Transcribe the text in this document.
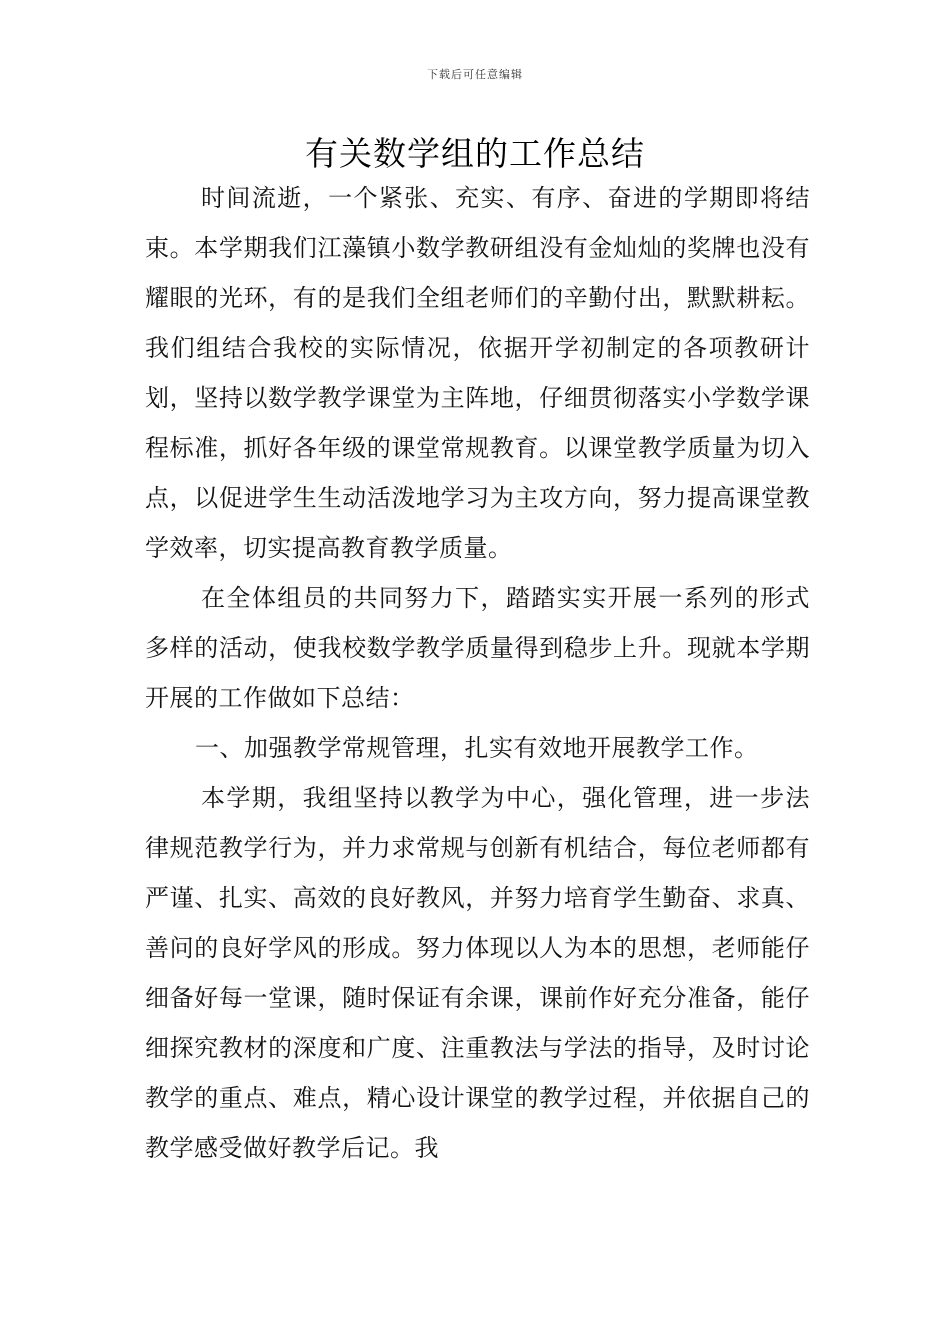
下载后可任意编辑
有关数学组的工作总结

时间流逝，一个紧张、充实、有序、奋进的学期即将结束。本学期我们江藻镇小数学教研组没有金灿灿的奖牌也没有耀眼的光环，有的是我们全组老师们的辛勤付出，默默耕耘。我们组结合我校的实际情况，依据开学初制定的各项教研计划，坚持以数学教学课堂为主阵地，仔细贯彻落实小学数学课程标准，抓好各年级的课堂常规教育。以课堂教学质量为切入点，以促进学生生动活泼地学习为主攻方向，努力提高课堂教学效率，切实提高教育教学质量。

在全体组员的共同努力下，踏踏实实开展一系列的形式多样的活动，使我校数学教学质量得到稳步上升。现就本学期开展的工作做如下总结：

一、加强教学常规管理，扎实有效地开展教学工作。

本学期，我组坚持以教学为中心，强化管理，进一步法律规范教学行为，并力求常规与创新有机结合，每位老师都有严谨、扎实、高效的良好教风，并努力培育学生勤奋、求真、善问的良好学风的形成。努力体现以人为本的思想，老师能仔细备好每一堂课，随时保证有余课，课前作好充分准备，能仔细探究教材的深度和广度、注重教法与学法的指导，及时讨论教学的重点、难点，精心设计课堂的教学过程，并依据自己的教学感受做好教学后记。我
